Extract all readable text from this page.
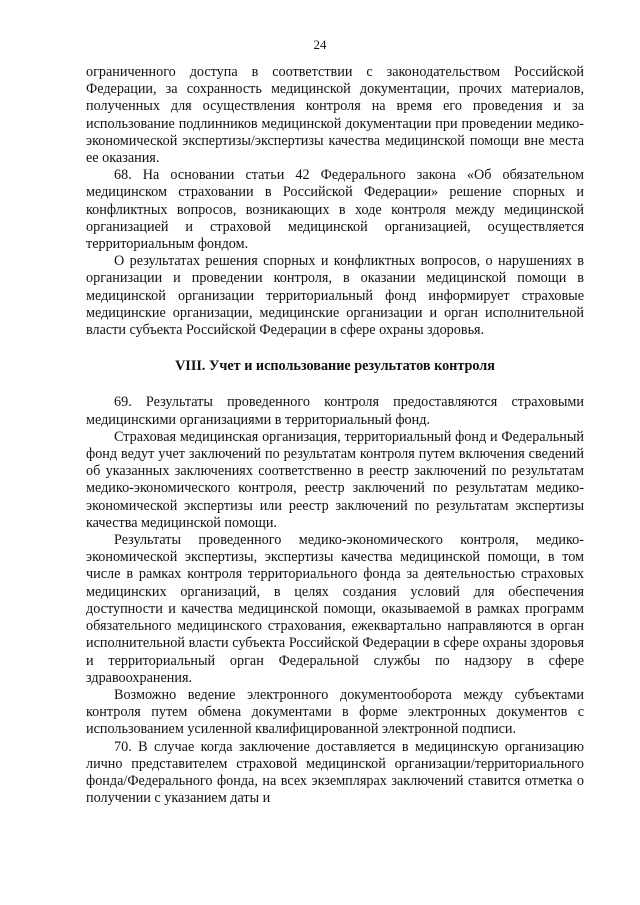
24

ограниченного доступа в соответствии с законодательством Российской Федерации, за сохранность медицинской документации, прочих материалов, полученных для осуществления контроля на время его проведения и за использование подлинников медицинской документации при проведении медико-экономической экспертизы/экспертизы качества медицинской помощи вне места ее оказания.

68. На основании статьи 42 Федерального закона «Об обязательном медицинском страховании в Российской Федерации» решение спорных и конфликтных вопросов, возникающих в ходе контроля между медицинской организацией и страховой медицинской организацией, осуществляется территориальным фондом.

О результатах решения спорных и конфликтных вопросов, о нарушениях в организации и проведении контроля, в оказании медицинской помощи в медицинской организации территориальный фонд информирует страховые медицинские организации, медицинские организации и орган исполнительной власти субъекта Российской Федерации в сфере охраны здоровья.

VIII. Учет и использование результатов контроля

69. Результаты проведенного контроля предоставляются страховыми медицинскими организациями в территориальный фонд.

Страховая медицинская организация, территориальный фонд и Федеральный фонд ведут учет заключений по результатам контроля путем включения сведений об указанных заключениях соответственно в реестр заключений по результатам медико-экономического контроля, реестр заключений по результатам медико-экономической экспертизы или реестр заключений по результатам экспертизы качества медицинской помощи.

Результаты проведенного медико-экономического контроля, медико-экономической экспертизы, экспертизы качества медицинской помощи, в том числе в рамках контроля территориального фонда за деятельностью страховых медицинских организаций, в целях создания условий для обеспечения доступности и качества медицинской помощи, оказываемой в рамках программ обязательного медицинского страхования, ежеквартально направляются в орган исполнительной власти субъекта Российской Федерации в сфере охраны здоровья и территориальный орган Федеральной службы по надзору в сфере здравоохранения.

Возможно ведение электронного документооборота между субъектами контроля путем обмена документами в форме электронных документов с использованием усиленной квалифицированной электронной подписи.

70. В случае когда заключение доставляется в медицинскую организацию лично представителем страховой медицинской организации/территориального фонда/Федерального фонда, на всех экземплярах заключений ставится отметка о получении с указанием даты и
